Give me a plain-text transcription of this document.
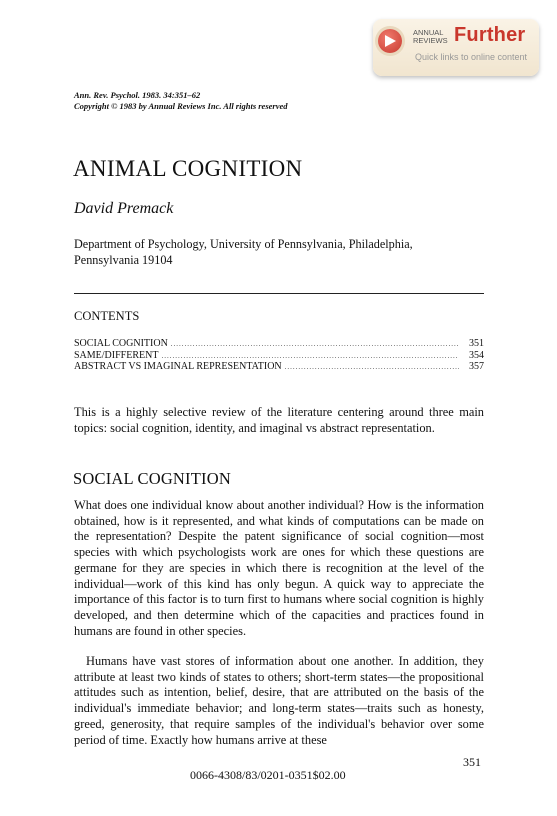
ANNUAL
REVIEWS Further
Quick links to online content
Ann. Rev. Psychol. 1983. 34:351–62
Copyright © 1983 by Annual Reviews Inc. All rights reserved
ANIMAL COGNITION
David Premack
Department of Psychology, University of Pennsylvania, Philadelphia,
Pennsylvania 19104
CONTENTS
SOCIAL COGNITION .....	351
SAME/DIFFERENT .....	354
ABSTRACT VS IMAGINAL REPRESENTATION .....	357

This is a highly selective review of the literature centering around three main topics: social cognition, identity, and imaginal vs abstract representation.

SOCIAL COGNITION

What does one individual know about another individual? How is the information obtained, how is it represented, and what kinds of computations can be made on the representation? Despite the patent significance of social cognition—most species with which psychologists work are ones for which these questions are germane for they are species in which there is recognition at the level of the individual—work of this kind has only begun. A quick way to appreciate the importance of this factor is to turn first to humans where social cognition is highly developed, and then determine which of the capacities and practices found in humans are found in other species.

Humans have vast stores of information about one another. In addition, they attribute at least two kinds of states to others; short-term states—the propositional attitudes such as intention, belief, desire, that are attributed on the basis of the individual's immediate behavior; and long-term states—traits such as honesty, greed, generosity, that require samples of the individual's behavior over some period of time. Exactly how humans arrive at these

351
0066-4308/83/0201-0351$02.00
